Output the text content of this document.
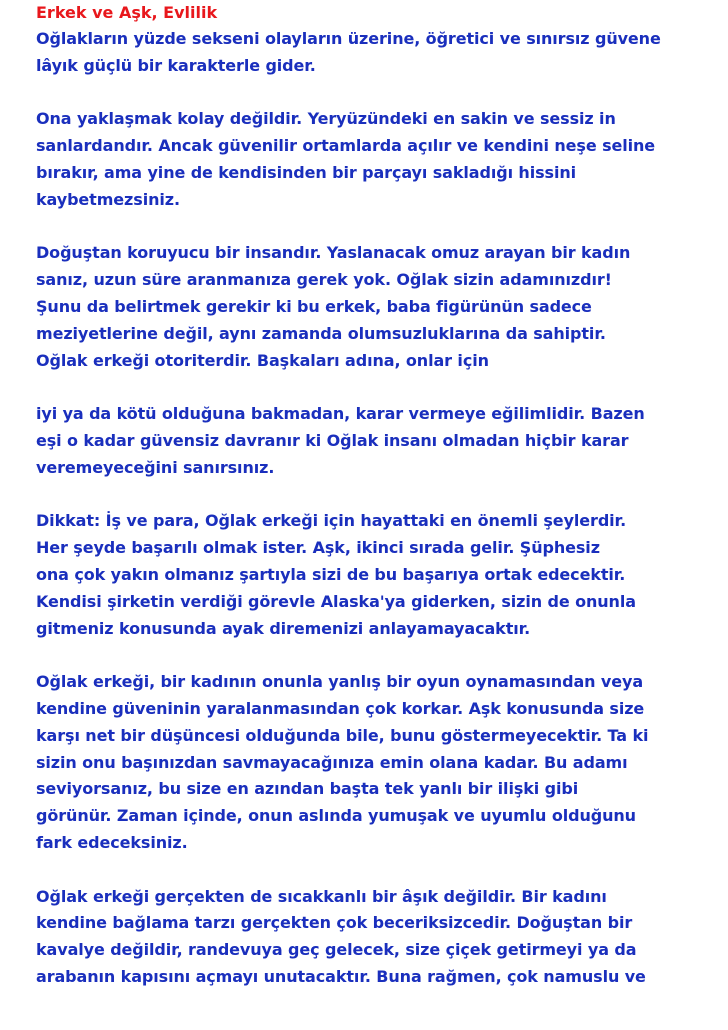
Erkek ve Aşk, Evlilik
Oğlakların yüzde sekseni olayların üzerine, öğretici ve sınırsız güvene
lâyık güçlü bir karakterle gider.
Ona yaklaşmak kolay değildir. Yeryüzündeki en sakin ve sessiz in
sanlardandır. Ancak güvenilir ortamlarda açılır ve kendini neşe seline
bırakır, ama yine de kendisinden bir parçayı sakladığı hissini
kaybetmezsiniz.
Doğuştan koruyucu bir insandır. Yaslanacak omuz arayan bir kadın
sanız, uzun süre aranmanıza gerek yok. Oğlak sizin adamınızdır!
Şunu da belirtmek gerekir ki bu erkek, baba figürünün sadece
meziyetlerine değil, aynı zamanda olumsuzluklarına da sahiptir.
Oğlak erkeği otoriterdir. Başkaları adına, onlar için
iyi ya da kötü olduğuna bakmadan, karar vermeye eğilimlidir. Bazen
eşi o kadar güvensiz davranır ki Oğlak insanı olmadan hiçbir karar
veremeyeceğini sanırsınız.
Dikkat: İş ve para, Oğlak erkeği için hayattaki en önemli şeylerdir.
Her şeyde başarılı olmak ister. Aşk, ikinci sırada gelir. Şüphesiz
ona çok yakın olmanız şartıyla sizi de bu başarıya ortak edecektir.
Kendisi şirketin verdiği görevle Alaska'ya giderken, sizin de onunla
gitmeniz konusunda ayak diremenizi anlayamayacaktır.
Oğlak erkeği, bir kadının onunla yanlış bir oyun oynamasından veya
kendine güveninin yaralanmasından çok korkar. Aşk konusunda size
karşı net bir düşüncesi olduğunda bile, bunu göstermeyecektir. Ta ki
sizin onu başınızdan savmayacağınıza emin olana kadar. Bu adamı
seviyorsanız, bu size en azından başta tek yanlı bir ilişki gibi
görünür. Zaman içinde, onun aslında yumuşak ve uyumlu olduğunu
fark edeceksiniz.
Oğlak erkeği gerçekten de sıcakkanlı bir âşık değildir. Bir kadını
kendine bağlama tarzı gerçekten çok beceriksizcedir. Doğuştan bir
kavalye değildir, randevuya geç gelecek, size çiçek getirmeyi ya da
arabanın kapısını açmayı unutacaktır. Buna rağmen, çok namuslu ve
